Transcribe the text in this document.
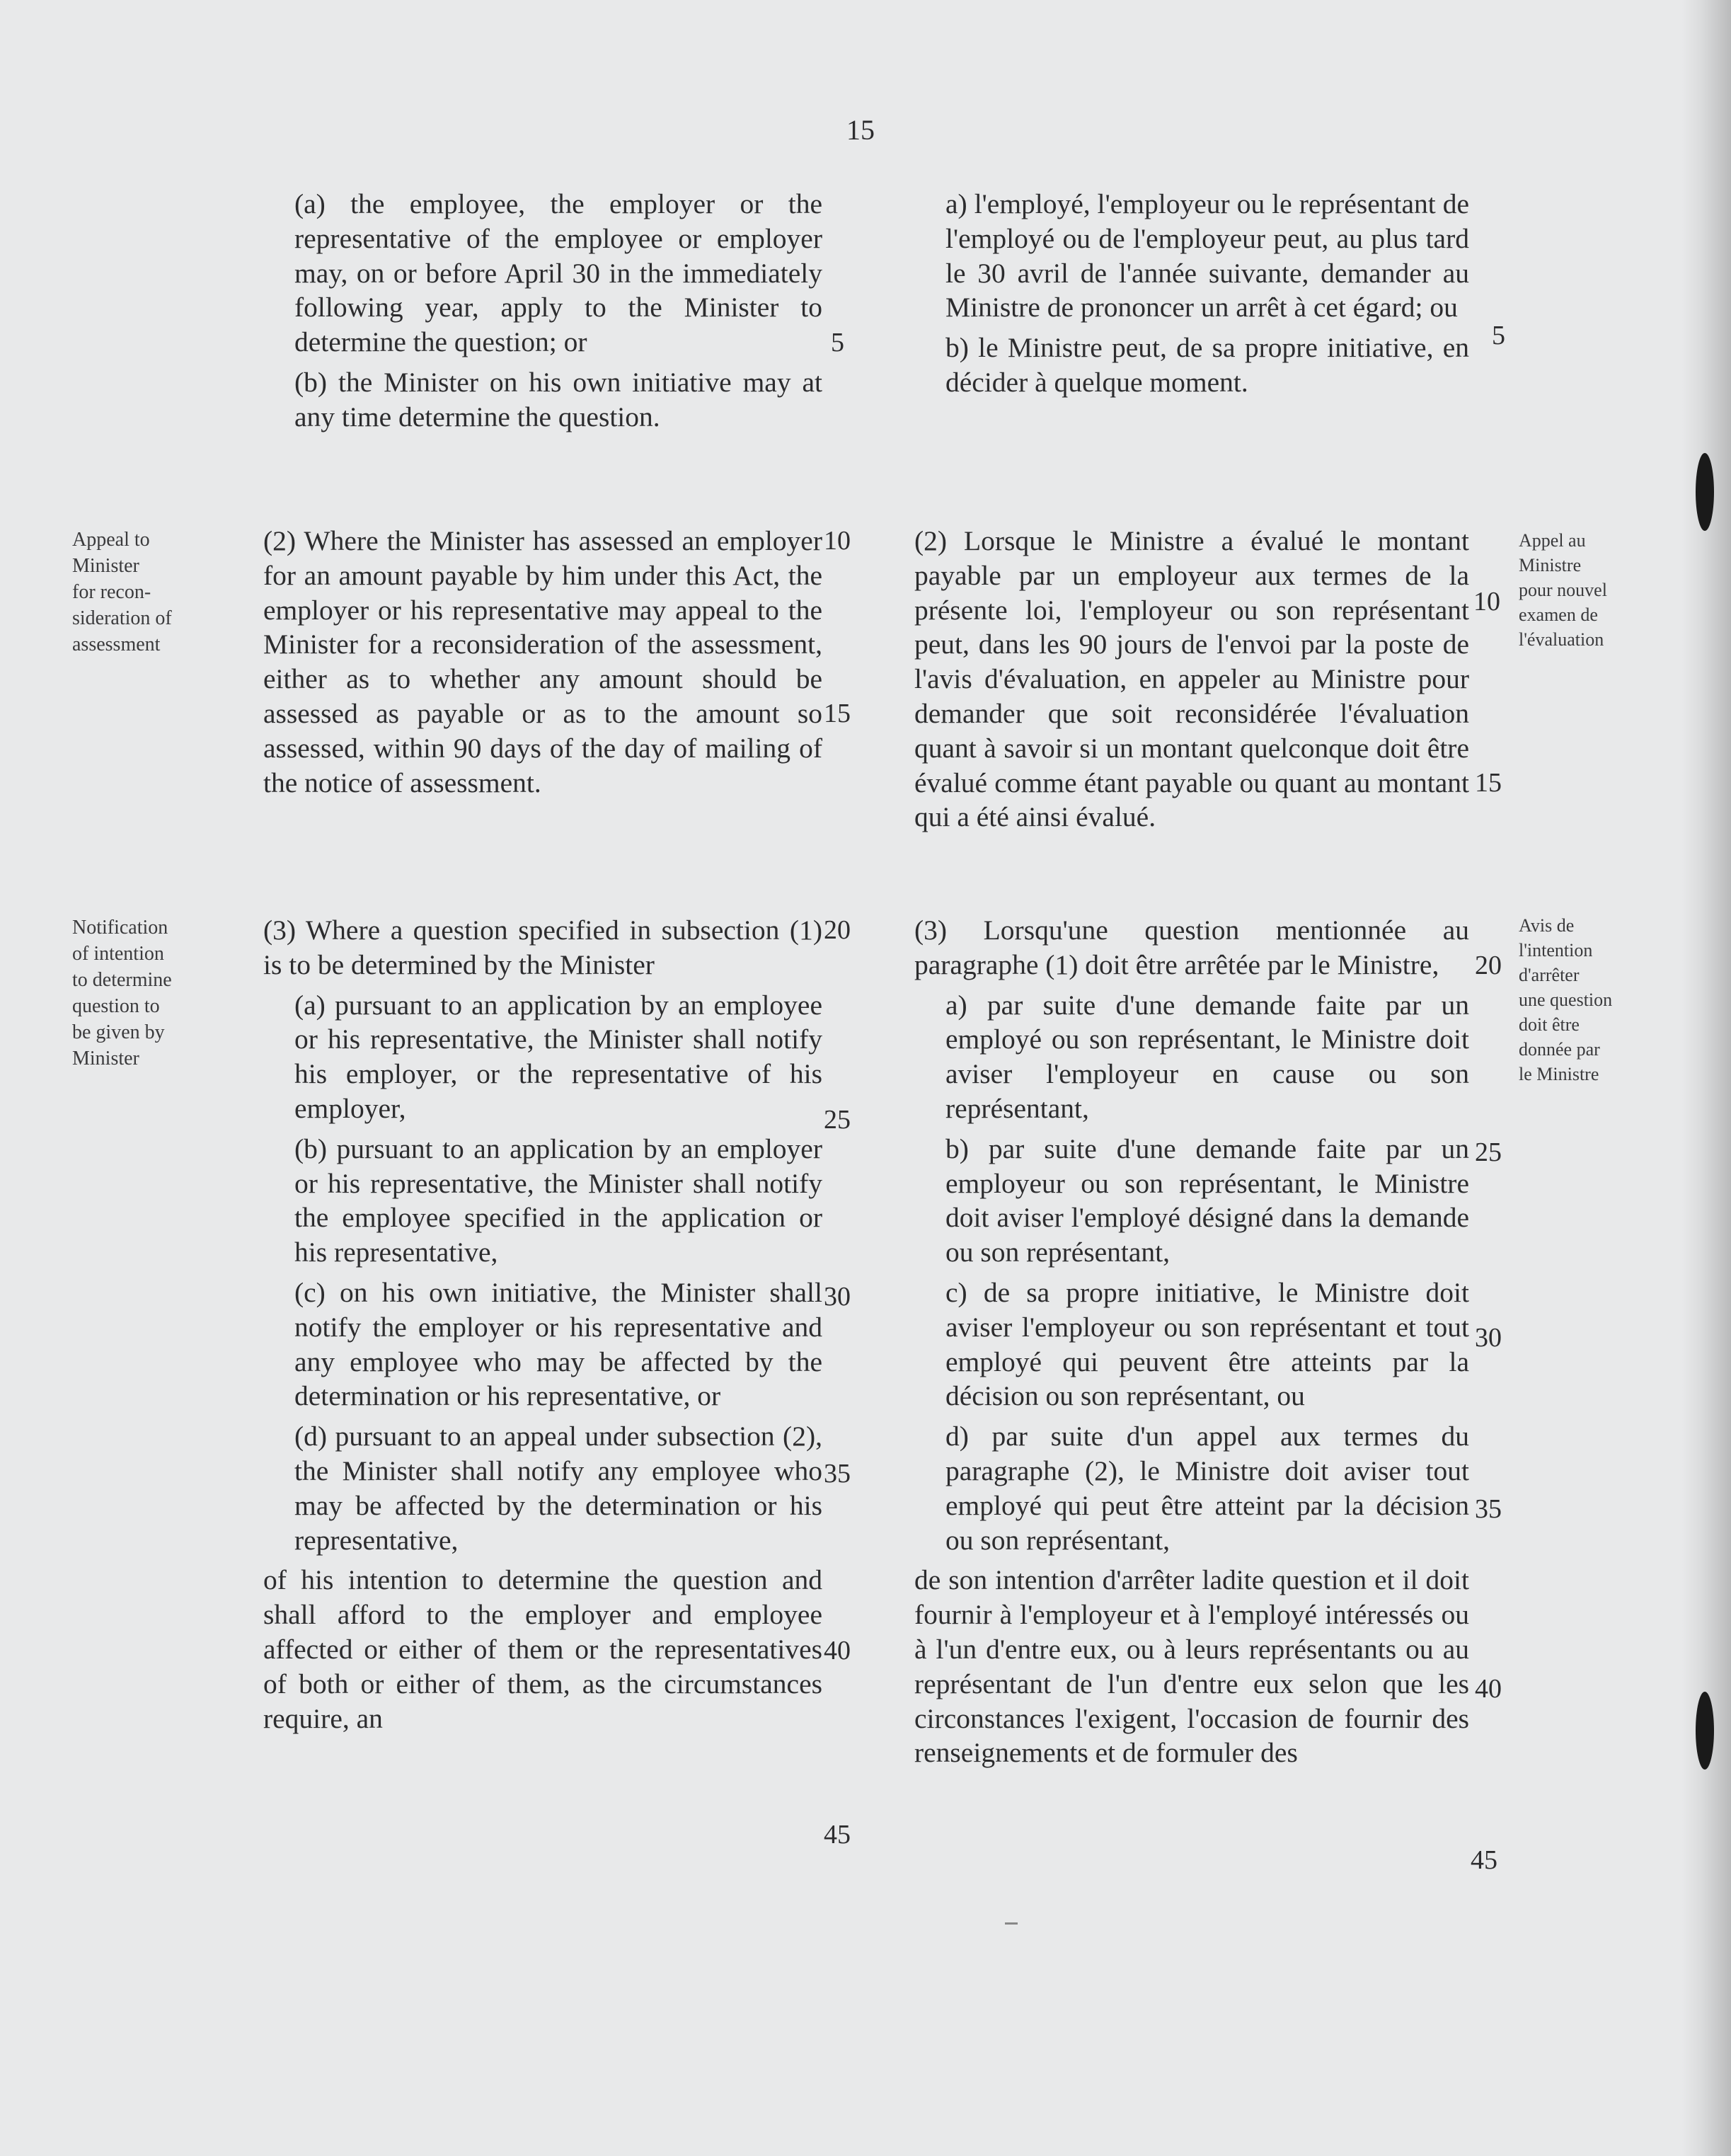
15

(a) the employee, the employer or the representative of the employee or employer may, on or before April 30 in the immediately following year, apply to the Minister to determine the question; or

(b) the Minister on his own initiative may at any time determine the question.

(2) Where the Minister has assessed an employer for an amount payable by him under this Act, the employer or his representative may appeal to the Minister for a reconsideration of the assessment, either as to whether any amount should be assessed as payable or as to the amount so assessed, within 90 days of the day of mailing of the notice of assessment.

(3) Where a question specified in subsection (1) is to be determined by the Minister

(a) pursuant to an application by an employee or his representative, the Minister shall notify his employer, or the representative of his employer,

(b) pursuant to an application by an employer or his representative, the Minister shall notify the employee specified in the application or his representative,

(c) on his own initiative, the Minister shall notify the employer or his representative and any employee who may be affected by the determination or his representative, or

(d) pursuant to an appeal under subsection (2), the Minister shall notify any employee who may be affected by the determination or his representative,

of his intention to determine the question and shall afford to the employer and employee affected or either of them or the representatives of both or either of them, as the circumstances require, an

a) l'employé, l'employeur ou le représentant de l'employé ou de l'employeur peut, au plus tard le 30 avril de l'année suivante, demander au Ministre de prononcer un arrêt à cet égard; ou

b) le Ministre peut, de sa propre initiative, en décider à quelque moment.

(2) Lorsque le Ministre a évalué le montant payable par un employeur aux termes de la présente loi, l'employeur ou son représentant peut, dans les 90 jours de l'envoi par la poste de l'avis d'évaluation, en appeler au Ministre pour demander que soit reconsidérée l'évaluation quant à savoir si un montant quelconque doit être évalué comme étant payable ou quant au montant qui a été ainsi évalué.

(3) Lorsqu'une question mentionnée au paragraphe (1) doit être arrêtée par le Ministre,

a) par suite d'une demande faite par un employé ou son représentant, le Ministre doit aviser l'employeur en cause ou son représentant,

b) par suite d'une demande faite par un employeur ou son représentant, le Ministre doit aviser l'employé désigné dans la demande ou son représentant,

c) de sa propre initiative, le Ministre doit aviser l'employeur ou son représentant et tout employé qui peuvent être atteints par la décision ou son représentant, ou

d) par suite d'un appel aux termes du paragraphe (2), le Ministre doit aviser tout employé qui peut être atteint par la décision ou son représentant,

de son intention d'arrêter ladite question et il doit fournir à l'employeur et à l'employé intéressés ou à l'un d'entre eux, ou à leurs représentants ou au représentant de l'un d'entre eux selon que les circonstances l'exigent, l'occasion de fournir des renseignements et de formuler des

Appeal to
Minister
for recon-
sideration of
assessment
Notification
of intention
to determine
question to
be given by
Minister
Appel au
Ministre
pour nouvel
examen de
l'évaluation
Avis de
l'intention
d'arrêter
une question
doit être
donnée par
le Ministre
5
10
15
20
25
30
35
40
45
5
10
15
20
25
30
35
40
45
